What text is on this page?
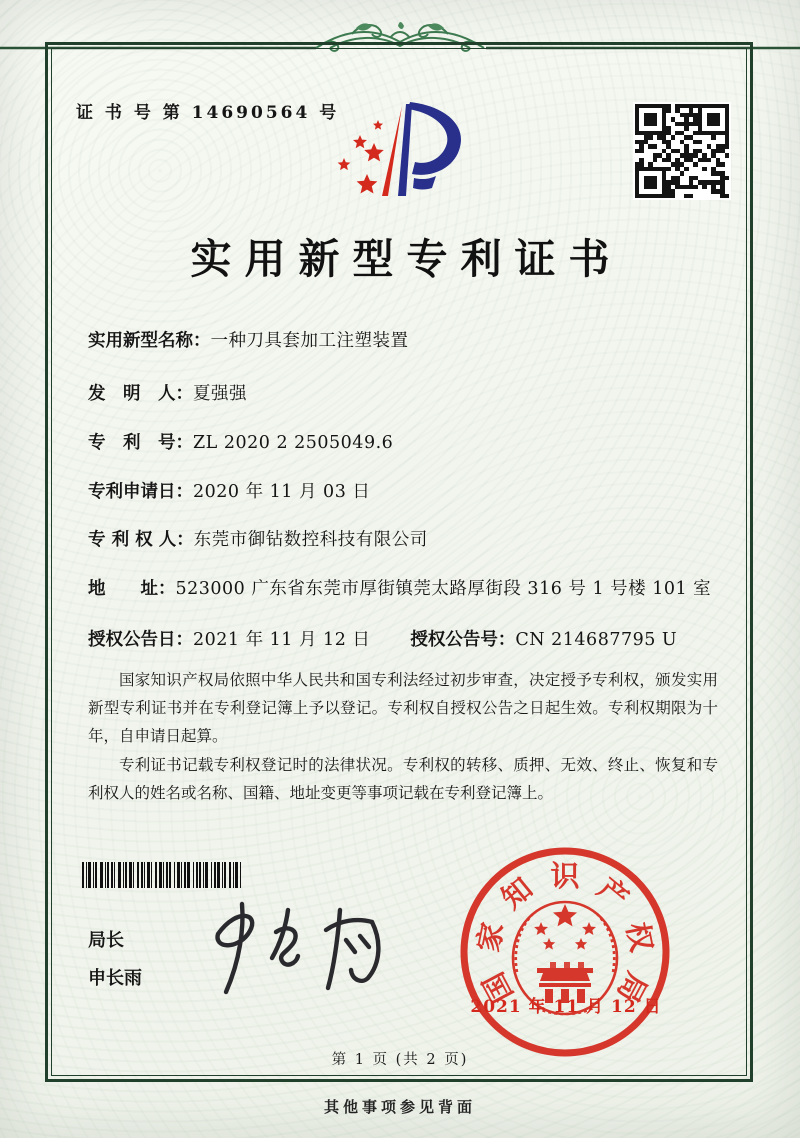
证 书 号 第 14690564 号
实用新型专利证书
实用新型名称： 一种刀具套加工注塑装置
发　明　人： 夏强强
专　利　号： ZL 2020 2 2505049.6
专利申请日： 2020 年 11 月 03 日
专 利 权 人： 东莞市御钻数控科技有限公司
地　　址： 523000 广东省东莞市厚街镇莞太路厚街段 316 号 1 号楼 101 室
授权公告日： 2021 年 11 月 12 日 授权公告号： CN 214687795 U

国家知识产权局依照中华人民共和国专利法经过初步审查，决定授予专利权，颁发实用新型专利证书并在专利登记簿上予以登记。专利权自授权公告之日起生效。专利权期限为十年，自申请日起算。

专利证书记载专利权登记时的法律状况。专利权的转移、质押、无效、终止、恢复和专利权人的姓名或名称、国籍、地址变更等事项记载在专利登记簿上。

局长
申长雨	国
家
知 识 产
权
局
2021 年 11 月 12 日
第 1 页 (共 2 页)
其他事项参见背面
